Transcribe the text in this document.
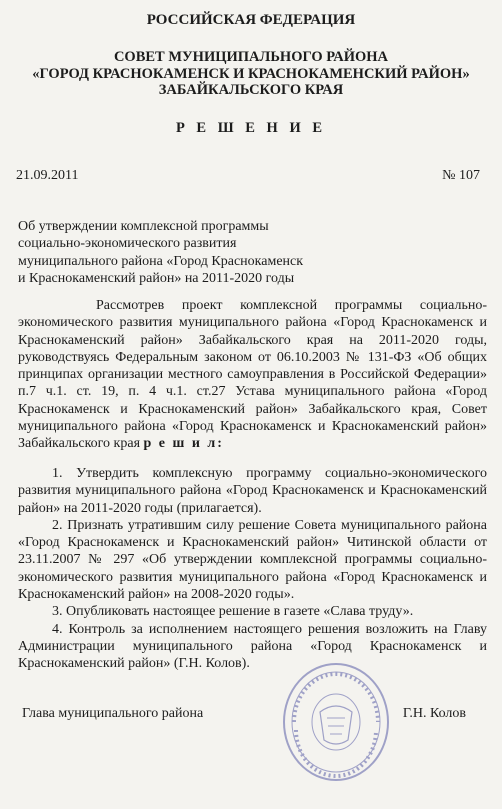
РОССИЙСКАЯ ФЕДЕРАЦИЯ
СОВЕТ МУНИЦИПАЛЬНОГО РАЙОНА
«ГОРОД КРАСНОКАМЕНСК И КРАСНОКАМЕНСКИЙ РАЙОН»
ЗАБАЙКАЛЬСКОГО КРАЯ
Р Е Ш Е Н И Е
21.09.2011	№ 107
Об утверждении комплексной программы
социально-экономического развития
муниципального района «Город Краснокаменск
и Краснокаменский район» на 2011-2020 годы
Рассмотрев проект комплексной программы социально-экономического развития муниципального района «Город Краснокаменск и Краснокаменский район» Забайкальского края на 2011-2020 годы, руководствуясь Федеральным законом от 06.10.2003 № 131-ФЗ «Об общих принципах организации местного самоуправления в Российской Федерации» п.7 ч.1. ст. 19, п. 4 ч.1. ст.27 Устава муниципального района «Город Краснокаменск и Краснокаменский район» Забайкальского края, Совет муниципального района «Город Краснокаменск и Краснокаменский район» Забайкальского края р е ш и л:
1. Утвердить комплексную программу социально-экономического развития муниципального района «Город Краснокаменск и Краснокаменский район» на 2011-2020 годы (прилагается).
2. Признать утратившим силу решение Совета муниципального района «Город Краснокаменск и Краснокаменский район» Читинской области от 23.11.2007 № 297 «Об утверждении комплексной программы социально-экономического развития муниципального района «Город Краснокаменск и Краснокаменский район» на 2008-2020 годы».
3. Опубликовать настоящее решение в газете «Слава труду».
4. Контроль за исполнением настоящего решения возложить на Главу Администрации муниципального района «Город Краснокаменск и Краснокаменский район» (Г.Н. Колов).
Глава муниципального района	Г.Н. Колов
